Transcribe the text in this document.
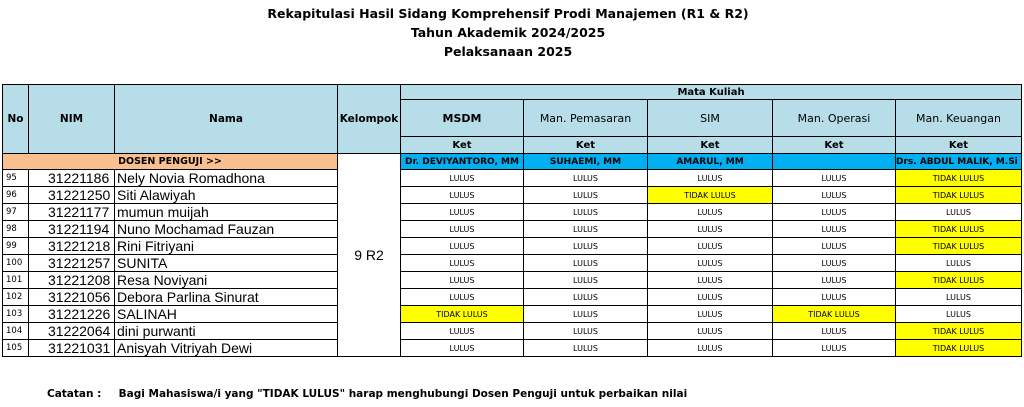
Rekapitulasi Hasil Sidang Komprehensif Prodi Manajemen (R1 & R2)
Tahun Akademik 2024/2025
Pelaksanaan 2025
No	NIM	Nama	Kelompok	Mata Kuliah				
				MSDM	Man. Pemasaran	SIM	Man. Operasi	Man. Keuangan
				Ket	Ket	Ket	Ket	Ket
DOSEN PENGUJI >>			9 R2	Dr. DEVIYANTORO, MM	SUHAEMI, MM	AMARUL, MM		Drs. ABDUL MALIK, M.Si
95	31221186	Nely Novia Romadhona		LULUS	LULUS	LULUS	LULUS	TIDAK LULUS
96	31221250	Siti Alawiyah		LULUS	LULUS	TIDAK LULUS	LULUS	TIDAK LULUS
97	31221177	mumun muijah		LULUS	LULUS	LULUS	LULUS	LULUS
98	31221194	Nuno Mochamad Fauzan		LULUS	LULUS	LULUS	LULUS	TIDAK LULUS
99	31221218	Rini Fitriyani		LULUS	LULUS	LULUS	LULUS	TIDAK LULUS
100	31221257	SUNITA		LULUS	LULUS	LULUS	LULUS	LULUS
101	31221208	Resa Noviyani		LULUS	LULUS	LULUS	LULUS	TIDAK LULUS
102	31221056	Debora Parlina Sinurat		LULUS	LULUS	LULUS	LULUS	LULUS
103	31221226	SALINAH		TIDAK LULUS	LULUS	LULUS	TIDAK LULUS	LULUS
104	31222064	dini purwanti		LULUS	LULUS	LULUS	LULUS	TIDAK LULUS
105	31221031	Anisyah Vitriyah Dewi		LULUS	LULUS	LULUS	LULUS	TIDAK LULUS
Catatan : Bagi Mahasiswa/i yang "TIDAK LULUS" harap menghubungi Dosen Penguji untuk perbaikan nilai
